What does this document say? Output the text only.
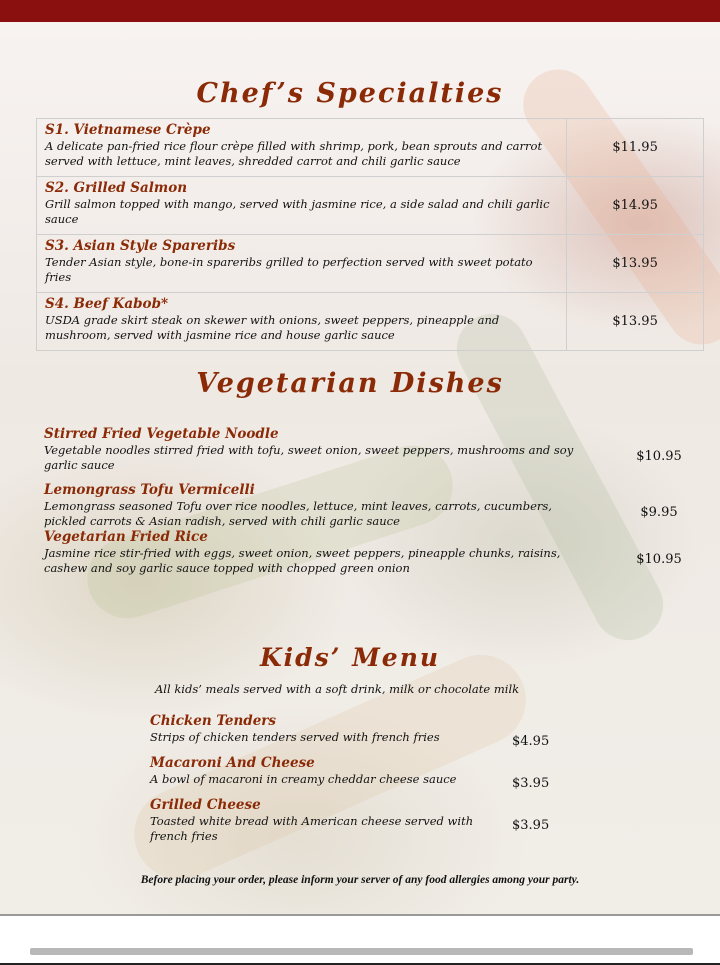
Chef’s Specialties
S1. Vietnamese Crèpe
A delicate pan-fried rice flour crèpe filled with shrimp, pork, bean sprouts and carrot served with lettuce, mint leaves, shredded carrot and chili garlic sauce	$11.95

S2. Grilled Salmon
Grill salmon topped with mango, served with jasmine rice, a side salad and chili garlic sauce	$14.95

S3. Asian Style Spareribs
Tender Asian style, bone-in spareribs grilled to perfection served with sweet potato fries	$13.95

S4. Beef Kabob*
USDA grade skirt steak on skewer with onions, sweet peppers, pineapple and mushroom, served with jasmine rice and house garlic sauce	$13.95
Vegetarian Dishes
Stirred Fried Vegetable Noodle
Vegetable noodles stirred fried with tofu, sweet onion, sweet peppers, mushrooms and soy garlic sauce
$10.95
Lemongrass Tofu Vermicelli
Lemongrass seasoned Tofu over rice noodles, lettuce, mint leaves, carrots, cucumbers, pickled carrots & Asian radish, served with chili garlic sauce
$9.95
Vegetarian Fried Rice
Jasmine rice stir-fried with eggs, sweet onion, sweet peppers, pineapple chunks, raisins, cashew and soy garlic sauce topped with chopped green onion
$10.95
Kids’ Menu
All kids’ meals served with a soft drink, milk or chocolate milk
Chicken Tenders
Strips of chicken tenders served with french fries	$4.95
Macaroni And Cheese
A bowl of macaroni in creamy cheddar cheese sauce	$3.95
Grilled Cheese
Toasted white bread with American cheese served with french fries
$3.95
Before placing your order, please inform your server of any food allergies among your party.
